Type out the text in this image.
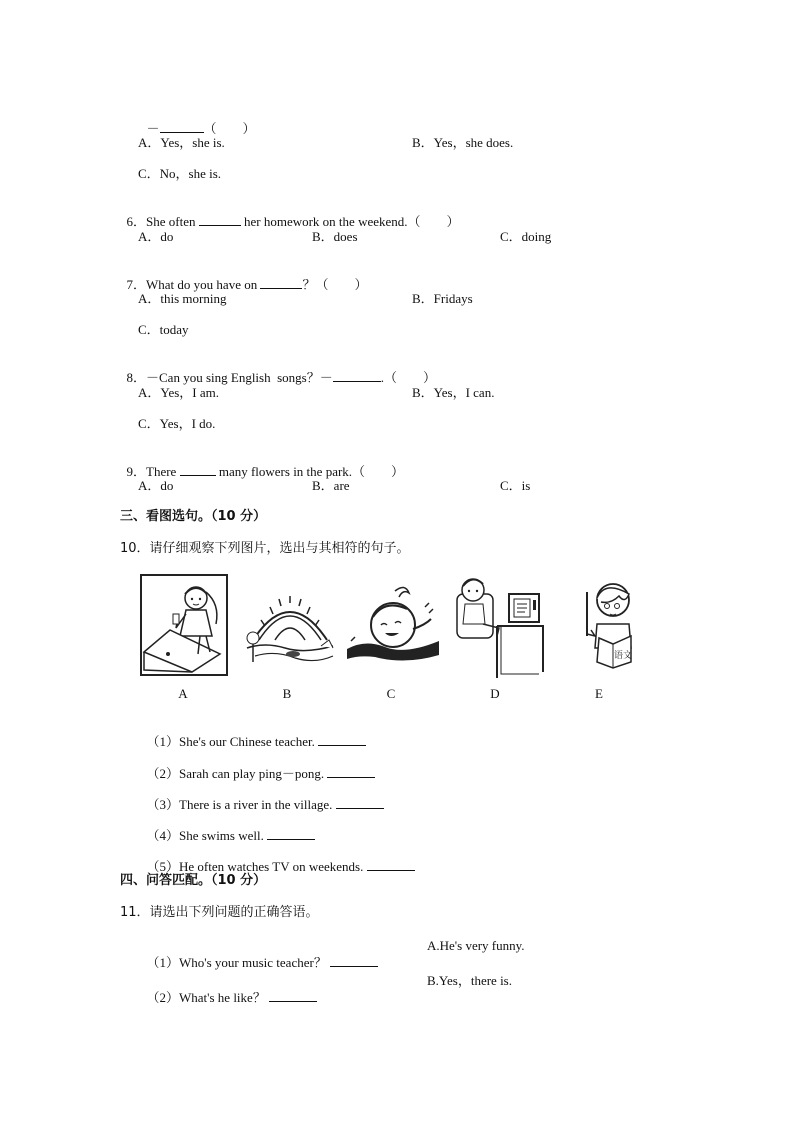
－	（　　）

A．Yes，she is.	B．Yes，she does.
C．No，she is.

6．She often	her homework on the weekend.（　　）

A．do	B．does	C．doing

7．What do you have on	？（　　）

A．this morning	B．Fridays
C．today

8．－Can you sing English  songs？－	.（　　）

A．Yes，I am.	B．Yes，I can.
C．Yes，I do.

9．There	many flowers in the park.（　　）

A．do	B．are	C．is
三、看图选句。（10 分）
10．请仔细观察下列图片，选出与其相符的句子。
语文
A	B	C	D	E

（1）She's our Chinese teacher.

（2）Sarah can play ping－pong.

（3）There is a river in the village.

（4）She swims well.

（5）He often watches TV on weekends.

四、问答匹配。（10 分）
11．请选出下列问题的正确答语。

（1）Who's your music teacher？

A.He's very funny.

（2）What's he like？

B.Yes，there is.
